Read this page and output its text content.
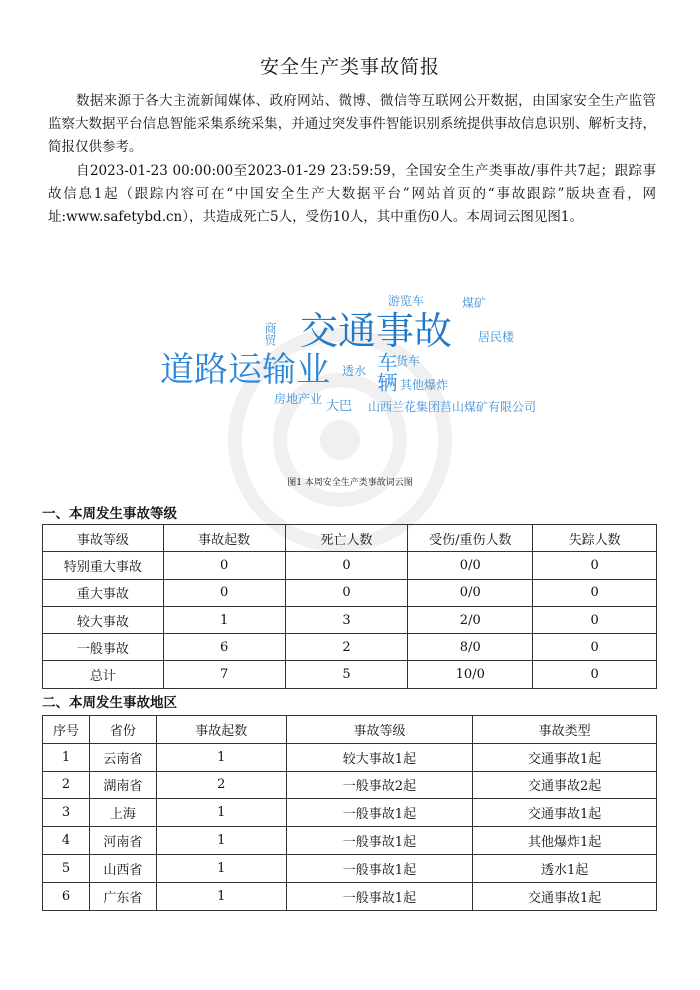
安全生产类事故简报
数据来源于各大主流新闻媒体、政府网站、微博、微信等互联网公开数据，由国家安全生产监管监察大数据平台信息智能采集系统采集，并通过突发事件智能识别系统提供事故信息识别、解析支持，简报仅供参考。
自2023-01-23 00:00:00至2023-01-29 23:59:59，全国安全生产类事故/事件共7起；跟踪事故信息1起（跟踪内容可在“中国安全生产大数据平台”网站首页的“事故跟踪”版块查看，网址:www.safetybd.cn），共造成死亡5人，受伤10人，其中重伤0人。本周词云图见图1。
交通事故
道路运输业
游览车	煤矿
居民楼
商贸
货车
车辆
透水
其他爆炸
房地产业 大巴 山西兰花集团莒山煤矿有限公司
图1 本周安全生产类事故词云图
一、本周发生事故等级
事故等级	事故起数	死亡人数	受伤/重伤人数	失踪人数
特别重大事故	0	0	0/0	0
重大事故	0	0	0/0	0
较大事故	1	3	2/0	0
一般事故	6	2	8/0	0
总计	7	5	10/0	0
二、本周发生事故地区
序号	省份	事故起数	事故等级	事故类型
1	云南省	1	较大事故1起	交通事故1起
2	湖南省	2	一般事故2起	交通事故2起
3	上海	1	一般事故1起	交通事故1起
4	河南省	1	一般事故1起	其他爆炸1起
5	山西省	1	一般事故1起	透水1起
6	广东省	1	一般事故1起	交通事故1起
